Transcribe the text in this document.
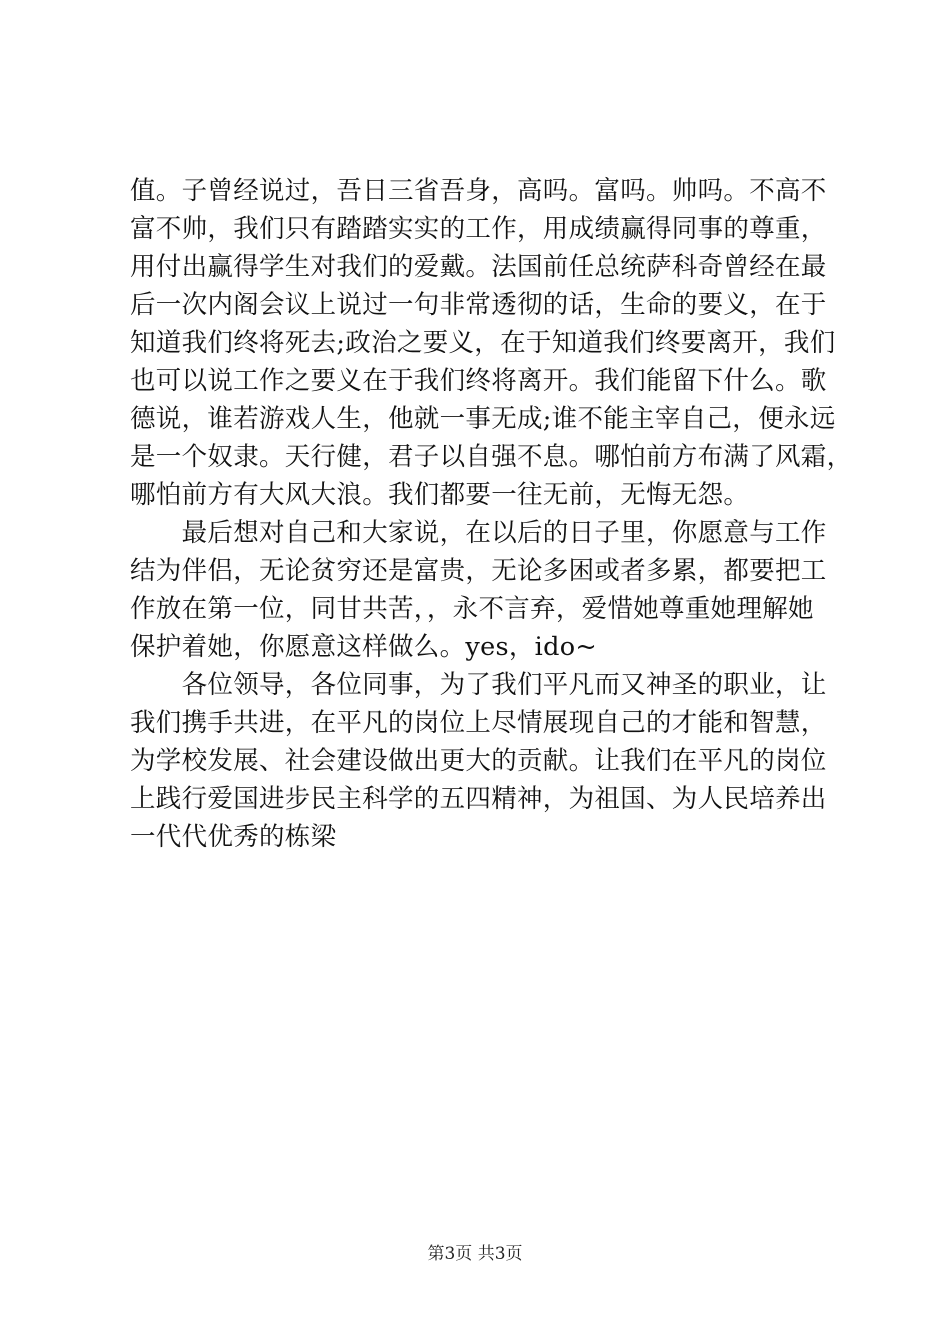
值。子曾经说过，吾日三省吾身，高吗。富吗。帅吗。不高不
富不帅，我们只有踏踏实实的工作，用成绩赢得同事的尊重，
用付出赢得学生对我们的爱戴。法国前任总统萨科奇曾经在最
后一次内阁会议上说过一句非常透彻的话，生命的要义，在于
知道我们终将死去;政治之要义，在于知道我们终要离开，我们
也可以说工作之要义在于我们终将离开。我们能留下什么。歌
德说，谁若游戏人生，他就一事无成;谁不能主宰自己，便永远
是一个奴隶。天行健，君子以自强不息。哪怕前方布满了风霜，
哪怕前方有大风大浪。我们都要一往无前，无悔无怨。
　　最后想对自己和大家说，在以后的日子里，你愿意与工作
结为伴侣，无论贫穷还是富贵，无论多困或者多累，都要把工
作放在第一位，同甘共苦，，永不言弃，爱惜她尊重她理解她
保护着她，你愿意这样做么。yes，ido~
　　各位领导，各位同事，为了我们平凡而又神圣的职业，让
我们携手共进，在平凡的岗位上尽情展现自己的才能和智慧，
为学校发展、社会建设做出更大的贡献。让我们在平凡的岗位
上践行爱国进步民主科学的五四精神，为祖国、为人民培养出
一代代优秀的栋梁
第3页 共3页
